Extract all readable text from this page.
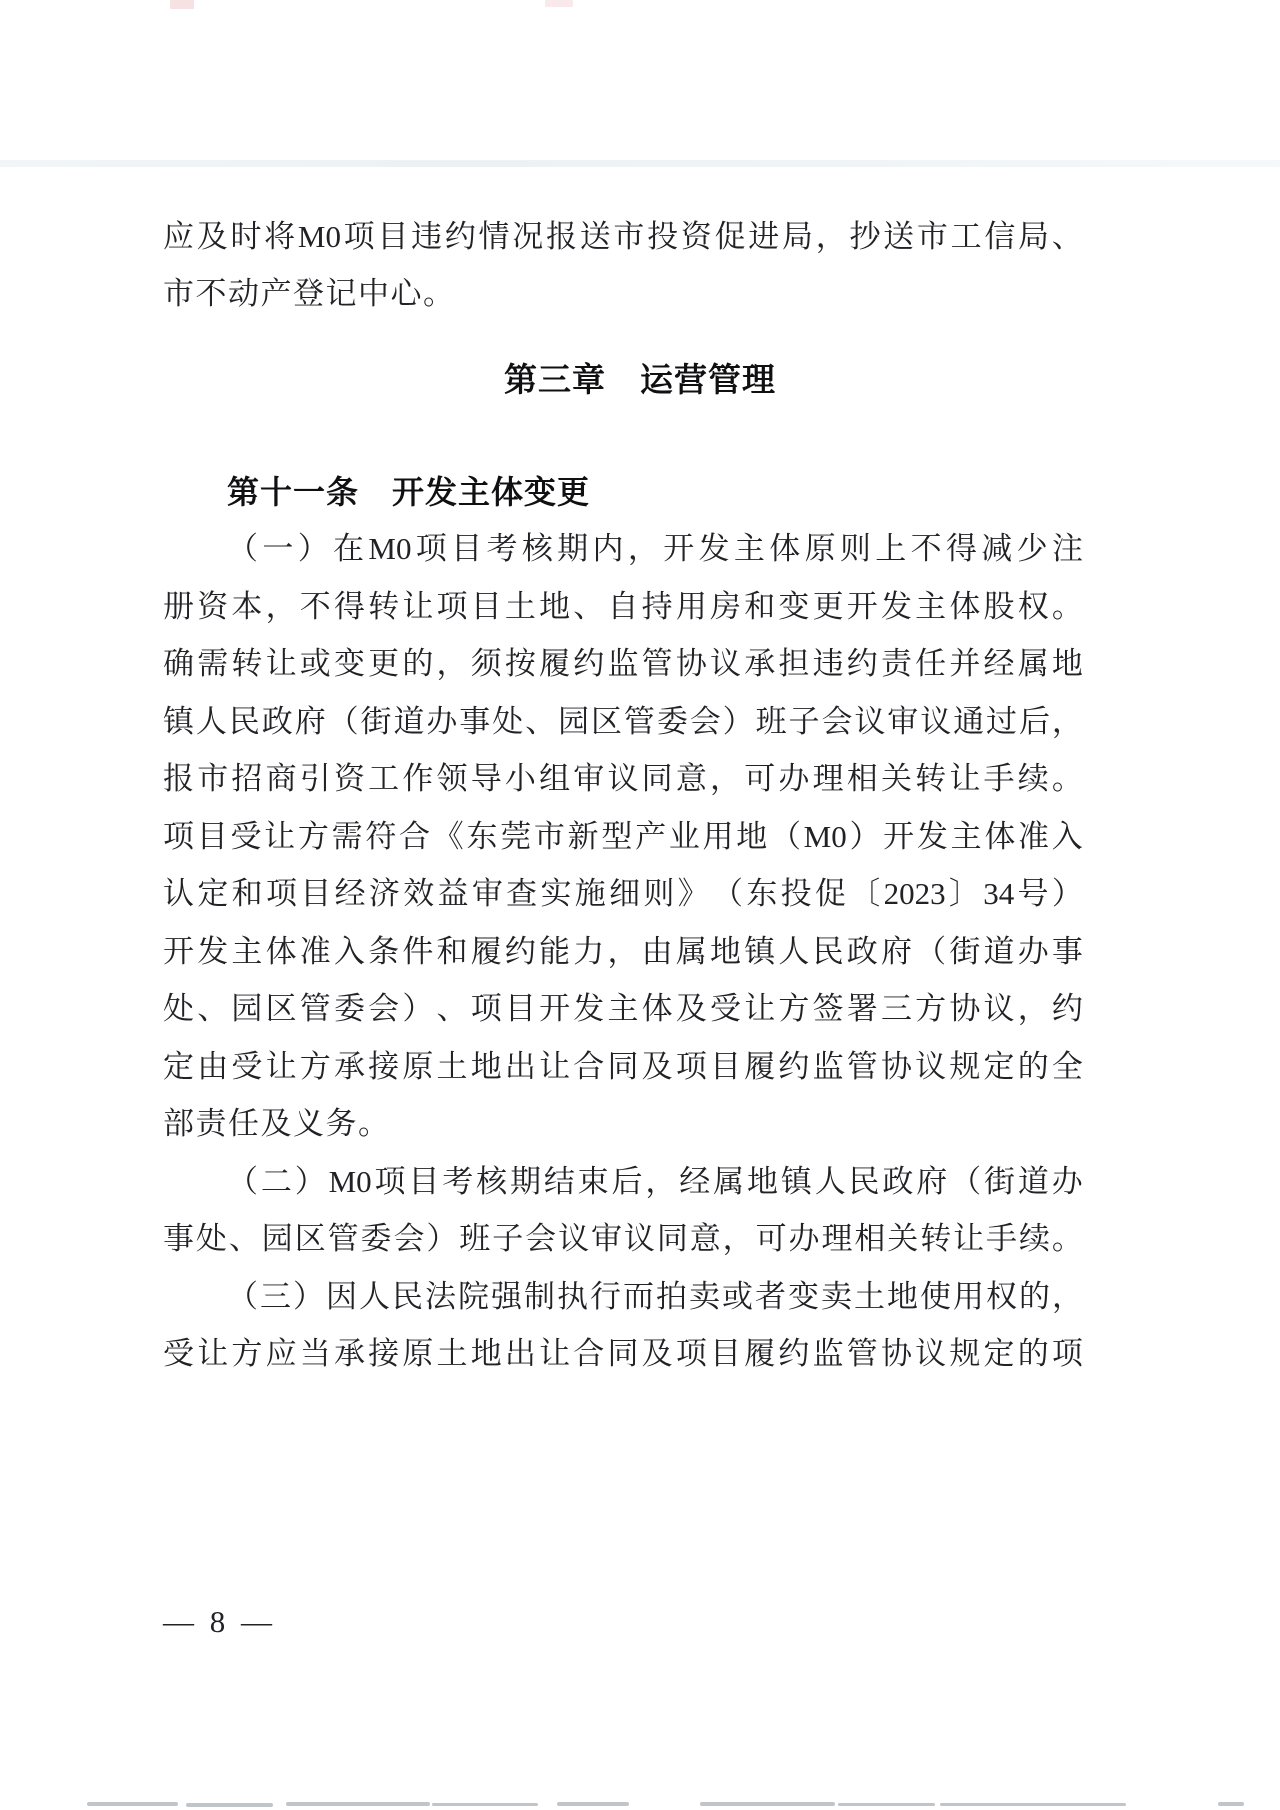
应 及 时 将 M0 项 目 违 约 情 况 报 送 市 投 资 促 进 局 ， 抄 送 市 工 信 局 、
市不动产登记中心。
第三章　运营管理
第十一条　开发主体变更
（ 一 ） 在 M0 项 目 考 核 期 内 ， 开 发 主 体 原 则 上 不 得 减 少 注
册 资 本 ， 不 得 转 让 项 目 土 地 、 自 持 用 房 和 变 更 开 发 主 体 股 权 。
确 需 转 让 或 变 更 的 ， 须 按 履 约 监 管 协 议 承 担 违 约 责 任 并 经 属 地
镇 人 民 政 府 （ 街 道 办 事 处 、 园 区 管 委 会 ） 班 子 会 议 审 议 通 过 后 ，
报 市 招 商 引 资 工 作 领 导 小 组 审 议 同 意 ， 可 办 理 相 关 转 让 手 续 。
项 目 受 让 方 需 符 合 《 东 莞 市 新 型 产 业 用 地 （ M0 ） 开 发 主 体 准 入
认 定 和 项 目 经 济 效 益 审 查 实 施 细 则 》 （ 东 投 促 〔 2023 〕 34 号 ）
开 发 主 体 准 入 条 件 和 履 约 能 力 ， 由 属 地 镇 人 民 政 府 （ 街 道 办 事
处 、 园 区 管 委 会 ） 、 项 目 开 发 主 体 及 受 让 方 签 署 三 方 协 议 ， 约
定 由 受 让 方 承 接 原 土 地 出 让 合 同 及 项 目 履 约 监 管 协 议 规 定 的 全
部责任及义务。
（ 二 ） M0 项 目 考 核 期 结 束 后 ， 经 属 地 镇 人 民 政 府 （ 街 道 办
事 处 、 园 区 管 委 会 ） 班 子 会 议 审 议 同 意 ， 可 办 理 相 关 转 让 手 续 。
（ 三 ） 因 人 民 法 院 强 制 执 行 而 拍 卖 或 者 变 卖 土 地 使 用 权 的 ，
受 让 方 应 当 承 接 原 土 地 出 让 合 同 及 项 目 履 约 监 管 协 议 规 定 的 项
— 8 —
